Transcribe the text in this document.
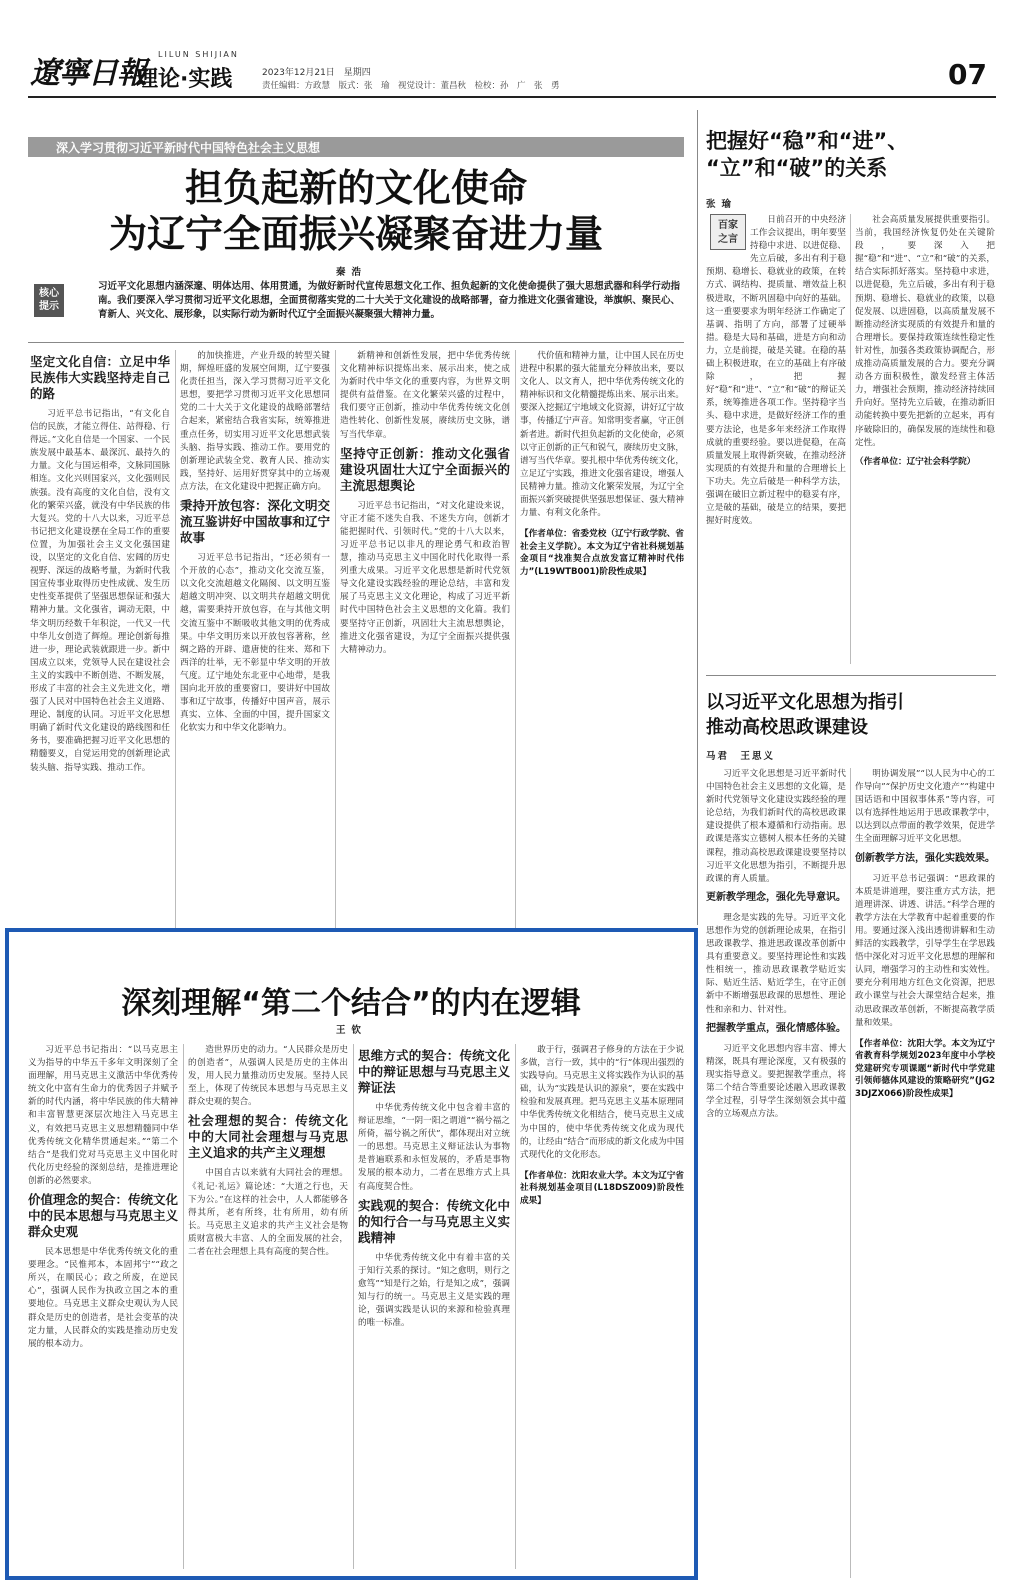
遼寧日報
LILUN SHIJIAN
理论·实践	2023年12月21日 星期四
责任编辑：方政慧　版式：张　瑜　视觉设计：董昌秋　检校：孙　广　张　勇	07
深入学习贯彻习近平新时代中国特色社会主义思想
担负起新的文化使命
为辽宁全面振兴凝聚奋进力量
秦浩
核心
提示
习近平文化思想内涵深邃、明体达用、体用贯通，为做好新时代宣传思想文化工作、担负起新的文化使命提供了强大思想武器和科学行动指南。我们要深入学习贯彻习近平文化思想，全面贯彻落实党的二十大关于文化建设的战略部署，奋力推进文化强省建设，举旗帜、聚民心、育新人、兴文化、展形象，以实际行动为新时代辽宁全面振兴凝聚强大精神力量。
坚定文化自信：立足中华民族伟大实践坚持走自己的路

习近平总书记指出，“有文化自信的民族，才能立得住、站得稳、行得远。”文化自信是一个国家、一个民族发展中最基本、最深沉、最持久的力量。文化与国运相牵，文脉同国脉相连。文化兴则国家兴，文化强则民族强。没有高度的文化自信，没有文化的繁荣兴盛，就没有中华民族的伟大复兴。党的十八大以来，习近平总书记把文化建设摆在全局工作的重要位置，为加强社会主义文化强国建设，以坚定的文化自信、宏阔的历史视野、深远的战略考量，为新时代我国宣传事业取得历史性成就、发生历史性变革提供了坚强思想保证和强大精神力量。文化强省，调动无限，中华文明历经数千年积淀，一代又一代中华儿女创造了辉煌。理论创新每推进一步，理论武装就跟进一步。新中国成立以来，党领导人民在建设社会主义的实践中不断创造、不断发展，形成了丰富的社会主义先进文化，增强了人民对中国特色社会主义道路、理论、制度的认同。习近平文化思想明确了新时代文化建设的路线图和任务书，要准确把握习近平文化思想的精髓要义，自觉运用党的创新理论武装头脑、指导实践、推动工作。

的加快推进，产业升级的转型关键期，辉煌旺盛的发展空间期，辽宁要强化责任担当，深入学习贯彻习近平文化思想，要把学习贯彻习近平文化思想同党的二十大关于文化建设的战略部署结合起来，紧密结合我省实际，统筹推进重点任务，切实用习近平文化思想武装头脑、指导实践、推动工作。要用党的创新理论武装全党、教育人民、推动实践，坚持好、运用好贯穿其中的立场观点方法，在文化建设中把握正确方向。

秉持开放包容：深化文明交流互鉴讲好中国故事和辽宁故事

习近平总书记指出，“还必须有一个开放的心态”，推动文化交流互鉴，以文化交流超越文化隔阂、以文明互鉴超越文明冲突、以文明共存超越文明优越，需要秉持开放包容，在与其他文明交流互鉴中不断吸收其他文明的优秀成果。中华文明历来以开放包容著称，丝绸之路的开辟、遣唐使的往来、郑和下西洋的壮举，无不彰显中华文明的开放气度。辽宁地处东北亚中心地带，是我国向北开放的重要窗口，要讲好中国故事和辽宁故事，传播好中国声音，展示真实、立体、全面的中国，提升国家文化软实力和中华文化影响力。

新精神和创新性发展，把中华优秀传统文化精神标识提炼出来、展示出来，使之成为新时代中华文化的重要内容，为世界文明提供有益借鉴。在文化繁荣兴盛的过程中，我们要守正创新，推动中华优秀传统文化创造性转化、创新性发展，赓续历史文脉，谱写当代华章。

坚持守正创新：推动文化强省建设巩固壮大辽宁全面振兴的主流思想舆论

习近平总书记指出，“对文化建设来说，守正才能不迷失自我、不迷失方向，创新才能把握时代、引领时代。”党的十八大以来，习近平总书记以非凡的理论勇气和政治智慧，推动马克思主义中国化时代化取得一系列重大成果。习近平文化思想是新时代党领导文化建设实践经验的理论总结，丰富和发展了马克思主义文化理论，构成了习近平新时代中国特色社会主义思想的文化篇。我们要坚持守正创新，巩固壮大主流思想舆论，推进文化强省建设，为辽宁全面振兴提供强大精神动力。

代价值和精神力量，让中国人民在历史进程中积累的强大能量充分释放出来，要以文化人、以文育人，把中华优秀传统文化的精神标识和文化精髓提炼出来、展示出来。要深入挖掘辽宁地域文化资源，讲好辽宁故事，传播辽宁声音。知常明变者赢，守正创新者进。新时代担负起新的文化使命，必须以守正创新的正气和锐气，赓续历史文脉，谱写当代华章。要扎根中华优秀传统文化，立足辽宁实践，推进文化强省建设，增强人民精神力量。推动文化繁荣发展，为辽宁全面振兴新突破提供坚强思想保证、强大精神力量、有利文化条件。

【作者单位：省委党校（辽宁行政学院、省社会主义学院）。本文为辽宁省社科规划基金项目“找准契合点放发富辽精神时代伟力”(L19WTB001)阶段性成果】
深刻理解“第二个结合”的内在逻辑
王钦

习近平总书记指出：“以马克思主义为指导的中华五千多年文明深刻了全面理解，用马克思主义激活中华优秀传统文化中富有生命力的优秀因子并赋予新的时代内涵，将中华民族的伟大精神和丰富智慧更深层次地注入马克思主义，有效把马克思主义思想精髓同中华优秀传统文化精华贯通起来。”“第二个结合”是我们党对马克思主义中国化时代化历史经验的深刻总结，是推进理论创新的必然要求。

价值理念的契合：传统文化中的民本思想与马克思主义群众史观

民本思想是中华优秀传统文化的重要理念。“民惟邦本，本固邦宁”“政之所兴，在顺民心；政之所废，在逆民心”，强调人民作为执政立国之本的重要地位。马克思主义群众史观认为人民群众是历史的创造者，是社会变革的决定力量，人民群众的实践是推动历史发展的根本动力。

造世界历史的动力。“人民群众是历史的创造者”，从强调人民是历史的主体出发，用人民力量推动历史发展。坚持人民至上，体现了传统民本思想与马克思主义群众史观的契合。

社会理想的契合：传统文化中的大同社会理想与马克思主义追求的共产主义理想

中国自古以来就有大同社会的理想。《礼记·礼运》篇论述：“大道之行也，天下为公。”在这样的社会中，人人都能够各得其所，老有所终，壮有所用，幼有所长。马克思主义追求的共产主义社会是物质财富极大丰富、人的全面发展的社会，二者在社会理想上具有高度的契合性。

思维方式的契合：传统文化中的辩证思想与马克思主义辩证法

中华优秀传统文化中包含着丰富的辩证思维，“一阴一阳之谓道”“祸兮福之所倚，福兮祸之所伏”，都体现出对立统一的思想。马克思主义辩证法认为事物是普遍联系和永恒发展的，矛盾是事物发展的根本动力，二者在思维方式上具有高度契合性。

实践观的契合：传统文化中的知行合一与马克思主义实践精神

中华优秀传统文化中有着丰富的关于知行关系的探讨。“知之愈明，则行之愈笃”“知是行之始，行是知之成”，强调知与行的统一。马克思主义是实践的理论，强调实践是认识的来源和检验真理的唯一标准。

敢于行，强调君子修身的方法在于少说多做，言行一致，其中的“行”体现出强烈的实践导向。马克思主义将实践作为认识的基础，认为“实践是认识的源泉”，要在实践中检验和发展真理。把马克思主义基本原理同中华优秀传统文化相结合，使马克思主义成为中国的，使中华优秀传统文化成为现代的，让经由“结合”而形成的新文化成为中国式现代化的文化形态。

【作者单位：沈阳农业大学。本文为辽宁省社科规划基金项目(L18DSZ009)阶段性成果】
把握好“稳”和“进”、
“立”和“破”的关系
张瑜
百家
之言

日前召开的中央经济工作会议提出，明年要坚持稳中求进、以进促稳、先立后破，多出有利于稳预期、稳增长、稳就业的政策，在转方式、调结构、提质量、增效益上积极进取，不断巩固稳中向好的基础。这一重要要求为明年经济工作确定了基调、指明了方向，部署了过硬举措。稳是大局和基础，进是方向和动力，立是前提，破是关键。在稳的基础上积极进取，在立的基础上有序破除，把握好“稳”和“进”、“立”和“破”的辩证关系，统筹推进各项工作。坚持稳字当头、稳中求进，是做好经济工作的重要方法论，也是多年来经济工作取得成就的重要经验。要以进促稳，在高质量发展上取得新突破，在推动经济实现质的有效提升和量的合理增长上下功夫。先立后破是一种科学方法，强调在破旧立新过程中的稳妥有序，立是破的基础，破是立的结果，要把握好时度效。

社会高质量发展提供重要指引。当前，我国经济恢复仍处在关键阶段，要深入把握“稳”和“进”、“立”和“破”的关系，结合实际抓好落实。坚持稳中求进，以进促稳，先立后破，多出有利于稳预期、稳增长、稳就业的政策，以稳促发展、以进固稳，以高质量发展不断推动经济实现质的有效提升和量的合理增长。要保持政策连续性稳定性针对性，加强各类政策协调配合，形成推动高质量发展的合力。要充分调动各方面积极性，激发经营主体活力，增强社会预期，推动经济持续回升向好。坚持先立后破，在推动新旧动能转换中要先把新的立起来，再有序破除旧的，确保发展的连续性和稳定性。

（作者单位：辽宁社会科学院）
以习近平文化思想为指引
推动高校思政课建设
马君　王思义

习近平文化思想是习近平新时代中国特色社会主义思想的文化篇，是新时代党领导文化建设实践经验的理论总结，为我们新时代的高校思政课建设提供了根本遵循和行动指南。思政课是落实立德树人根本任务的关键课程，推动高校思政课建设要坚持以习近平文化思想为指引，不断提升思政课的育人质量。

更新教学理念，强化先导意识。

理念是实践的先导。习近平文化思想作为党的创新理论成果，在指引思政课教学、推进思政课改革创新中具有重要意义。要坚持理论性和实践性相统一，推动思政课教学贴近实际、贴近生活、贴近学生，在守正创新中不断增强思政课的思想性、理论性和亲和力、针对性。

把握教学重点，强化情感体验。

习近平文化思想内容丰富、博大精深，既具有理论深度，又有极强的现实指导意义。要把握教学重点，将第二个结合等重要论述融入思政课教学全过程，引导学生深刻领会其中蕴含的立场观点方法。

明协调发展”“以人民为中心的工作导向”“保护历史文化遗产”“构建中国话语和中国叙事体系”等内容，可以有选择性地运用于思政课教学中，以达到以点带面的教学效果，促进学生全面理解习近平文化思想。

创新教学方法，强化实践效果。

习近平总书记强调：“思政课的本质是讲道理，要注重方式方法，把道理讲深、讲透、讲活。”科学合理的教学方法在大学教育中起着重要的作用。要通过深入浅出透彻讲解和生动鲜活的实践教学，引导学生在学思践悟中深化对习近平文化思想的理解和认同，增强学习的主动性和实效性。要充分利用地方红色文化资源，把思政小课堂与社会大课堂结合起来，推动思政课改革创新，不断提高教学质量和效果。

【作者单位：沈阳大学。本文为辽宁省教育科学规划2023年度中小学校党建研究专项课题“新时代中学党建引领师德体风建设的策略研究”(JG23DJZX066)阶段性成果】
